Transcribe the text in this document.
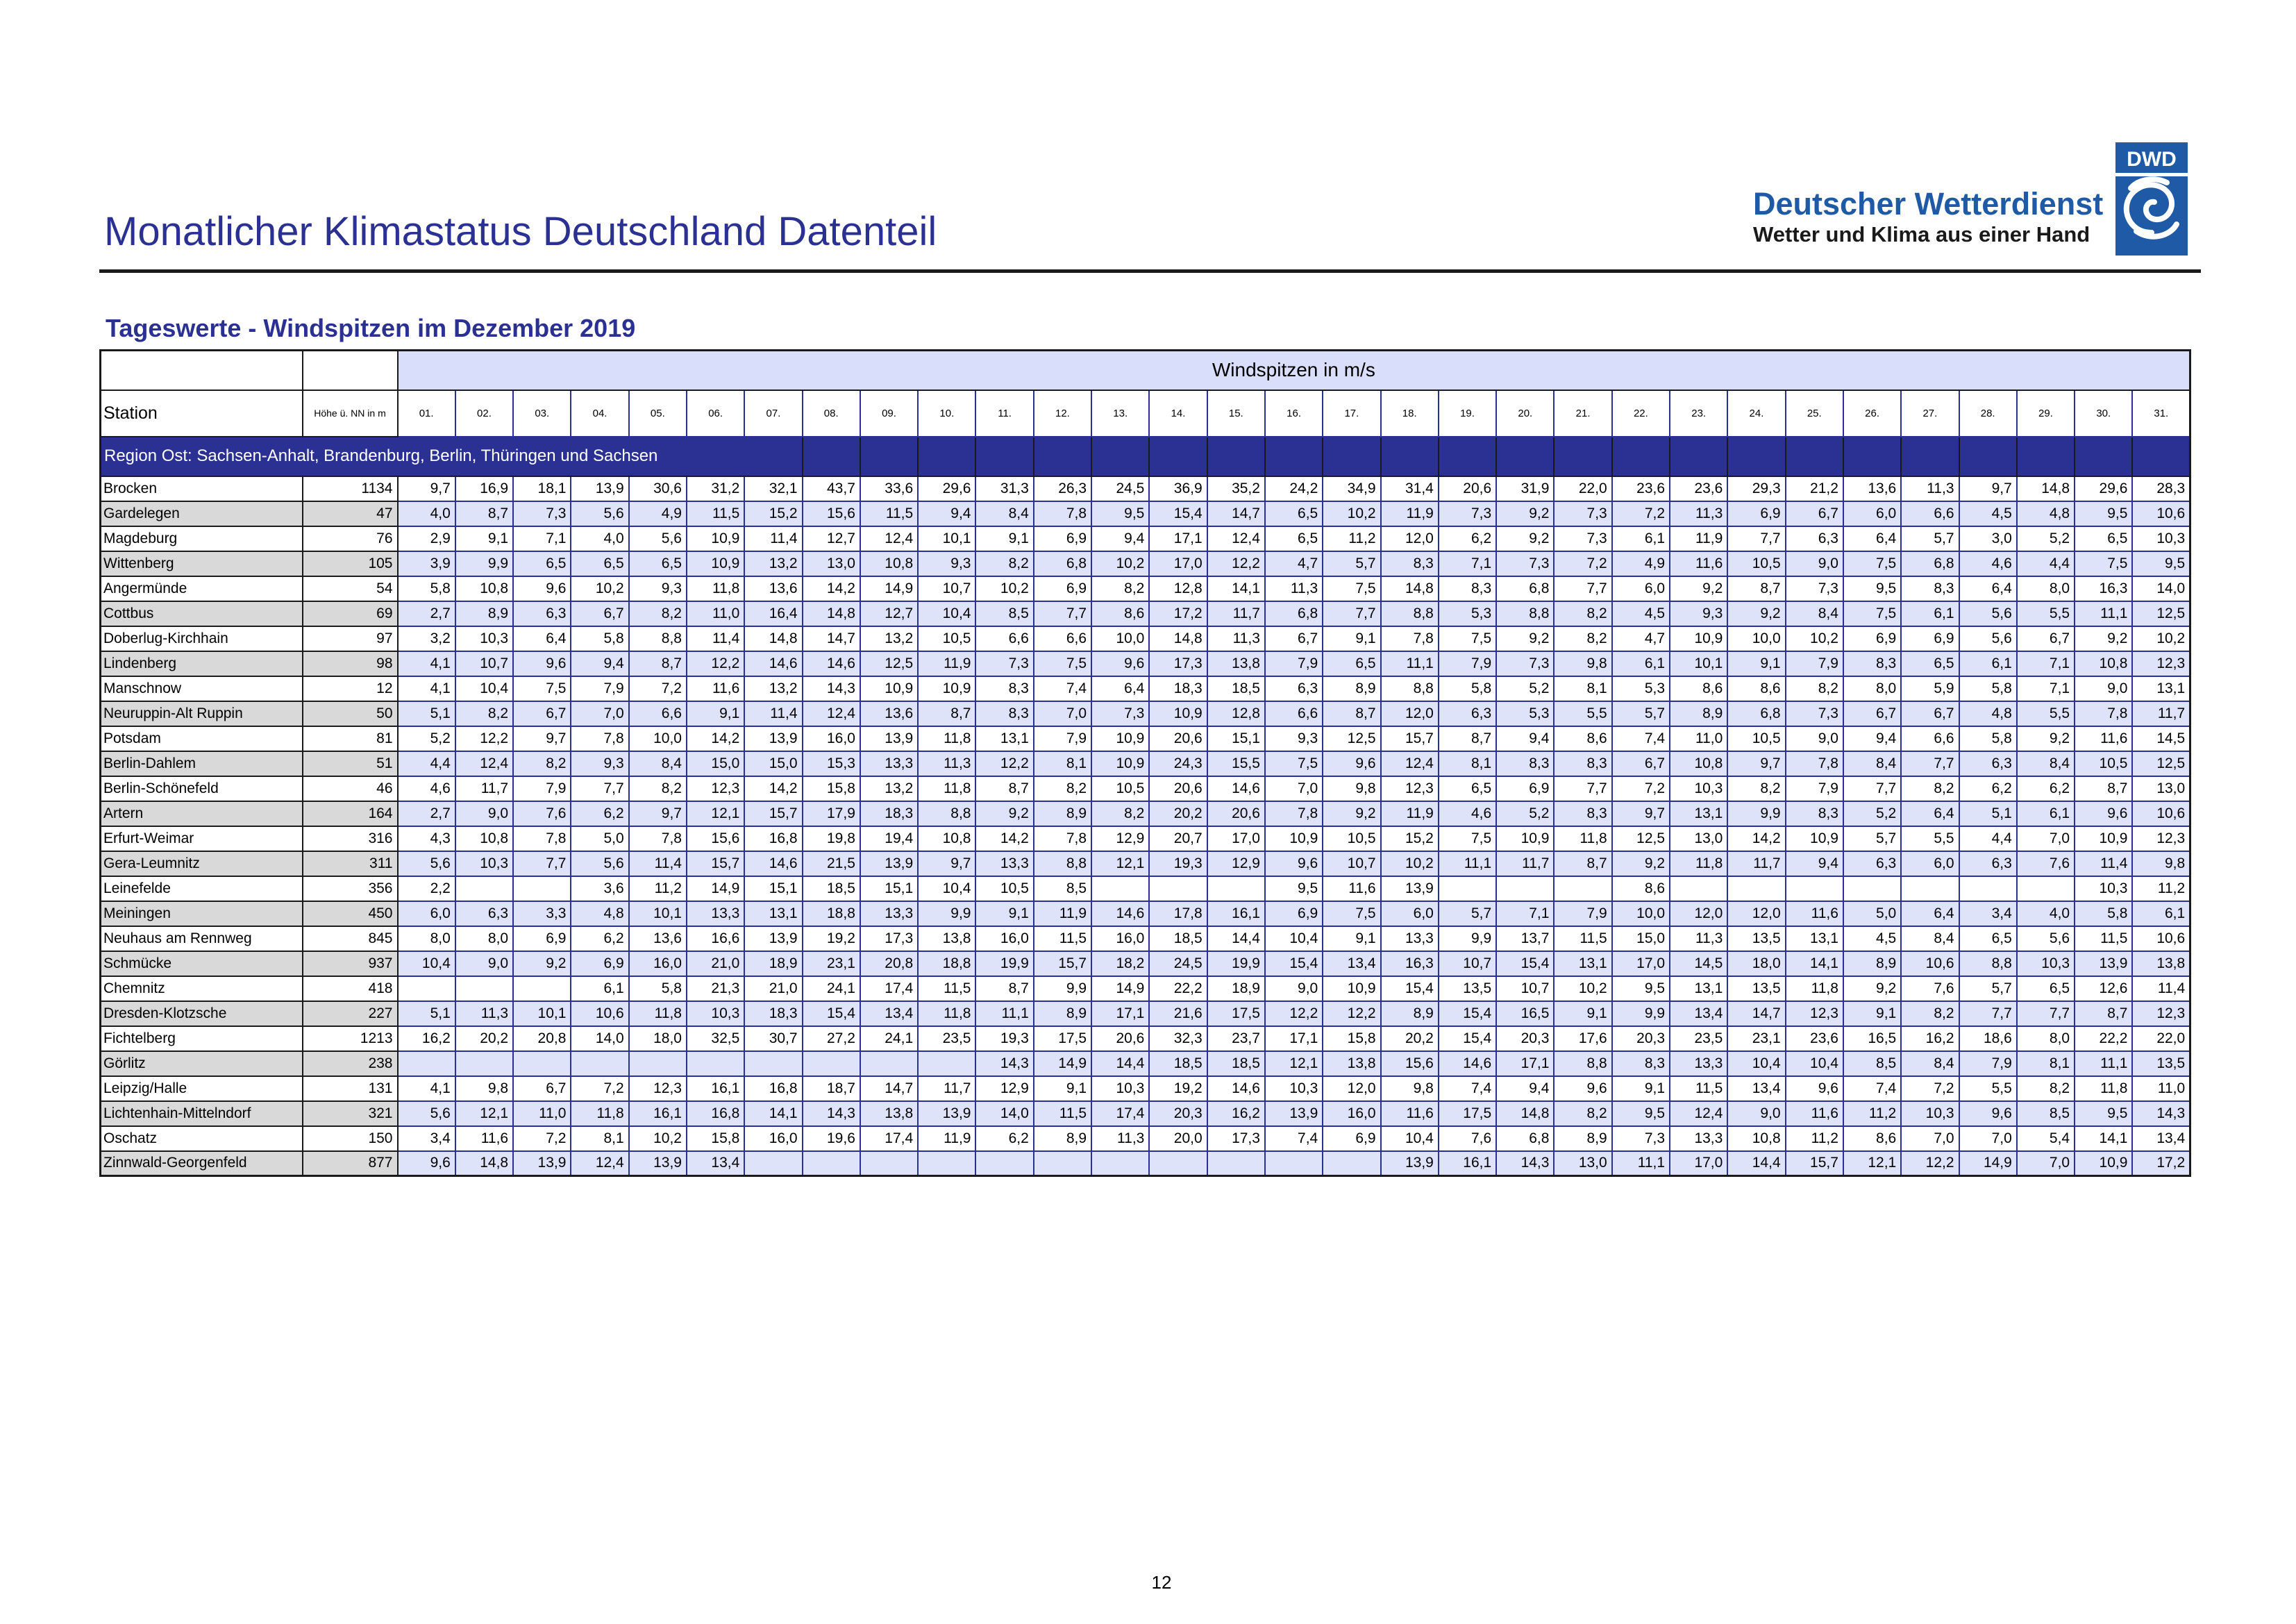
Monatlicher Klimastatus Deutschland Datenteil
Deutscher Wetterdienst
Wetter und Klima aus einer Hand
DWD
Tageswerte - Windspitzen im Dezember 2019
		Windspitzen in m/s																														
Station	Höhe ü. NN in m	01.	02.	03.	04.	05.	06.	07.	08.	09.	10.	11.	12.	13.	14.	15.	16.	17.	18.	19.	20.	21.	22.	23.	24.	25.	26.	27.	28.	29.	30.	31.
Region Ost: Sachsen-Anhalt, Brandenburg, Berlin, Thüringen und Sachsen																																
Brocken	1134	9,7	16,9	18,1	13,9	30,6	31,2	32,1	43,7	33,6	29,6	31,3	26,3	24,5	36,9	35,2	24,2	34,9	31,4	20,6	31,9	22,0	23,6	23,6	29,3	21,2	13,6	11,3	9,7	14,8	29,6	28,3
Gardelegen	47	4,0	8,7	7,3	5,6	4,9	11,5	15,2	15,6	11,5	9,4	8,4	7,8	9,5	15,4	14,7	6,5	10,2	11,9	7,3	9,2	7,3	7,2	11,3	6,9	6,7	6,0	6,6	4,5	4,8	9,5	10,6
Magdeburg	76	2,9	9,1	7,1	4,0	5,6	10,9	11,4	12,7	12,4	10,1	9,1	6,9	9,4	17,1	12,4	6,5	11,2	12,0	6,2	9,2	7,3	6,1	11,9	7,7	6,3	6,4	5,7	3,0	5,2	6,5	10,3
Wittenberg	105	3,9	9,9	6,5	6,5	6,5	10,9	13,2	13,0	10,8	9,3	8,2	6,8	10,2	17,0	12,2	4,7	5,7	8,3	7,1	7,3	7,2	4,9	11,6	10,5	9,0	7,5	6,8	4,6	4,4	7,5	9,5
Angermünde	54	5,8	10,8	9,6	10,2	9,3	11,8	13,6	14,2	14,9	10,7	10,2	6,9	8,2	12,8	14,1	11,3	7,5	14,8	8,3	6,8	7,7	6,0	9,2	8,7	7,3	9,5	8,3	6,4	8,0	16,3	14,0
Cottbus	69	2,7	8,9	6,3	6,7	8,2	11,0	16,4	14,8	12,7	10,4	8,5	7,7	8,6	17,2	11,7	6,8	7,7	8,8	5,3	8,8	8,2	4,5	9,3	9,2	8,4	7,5	6,1	5,6	5,5	11,1	12,5
Doberlug-Kirchhain	97	3,2	10,3	6,4	5,8	8,8	11,4	14,8	14,7	13,2	10,5	6,6	6,6	10,0	14,8	11,3	6,7	9,1	7,8	7,5	9,2	8,2	4,7	10,9	10,0	10,2	6,9	6,9	5,6	6,7	9,2	10,2
Lindenberg	98	4,1	10,7	9,6	9,4	8,7	12,2	14,6	14,6	12,5	11,9	7,3	7,5	9,6	17,3	13,8	7,9	6,5	11,1	7,9	7,3	9,8	6,1	10,1	9,1	7,9	8,3	6,5	6,1	7,1	10,8	12,3
Manschnow	12	4,1	10,4	7,5	7,9	7,2	11,6	13,2	14,3	10,9	10,9	8,3	7,4	6,4	18,3	18,5	6,3	8,9	8,8	5,8	5,2	8,1	5,3	8,6	8,6	8,2	8,0	5,9	5,8	7,1	9,0	13,1
Neuruppin-Alt Ruppin	50	5,1	8,2	6,7	7,0	6,6	9,1	11,4	12,4	13,6	8,7	8,3	7,0	7,3	10,9	12,8	6,6	8,7	12,0	6,3	5,3	5,5	5,7	8,9	6,8	7,3	6,7	6,7	4,8	5,5	7,8	11,7
Potsdam	81	5,2	12,2	9,7	7,8	10,0	14,2	13,9	16,0	13,9	11,8	13,1	7,9	10,9	20,6	15,1	9,3	12,5	15,7	8,7	9,4	8,6	7,4	11,0	10,5	9,0	9,4	6,6	5,8	9,2	11,6	14,5
Berlin-Dahlem	51	4,4	12,4	8,2	9,3	8,4	15,0	15,0	15,3	13,3	11,3	12,2	8,1	10,9	24,3	15,5	7,5	9,6	12,4	8,1	8,3	8,3	6,7	10,8	9,7	7,8	8,4	7,7	6,3	8,4	10,5	12,5
Berlin-Schönefeld	46	4,6	11,7	7,9	7,7	8,2	12,3	14,2	15,8	13,2	11,8	8,7	8,2	10,5	20,6	14,6	7,0	9,8	12,3	6,5	6,9	7,7	7,2	10,3	8,2	7,9	7,7	8,2	6,2	6,2	8,7	13,0
Artern	164	2,7	9,0	7,6	6,2	9,7	12,1	15,7	17,9	18,3	8,8	9,2	8,9	8,2	20,2	20,6	7,8	9,2	11,9	4,6	5,2	8,3	9,7	13,1	9,9	8,3	5,2	6,4	5,1	6,1	9,6	10,6
Erfurt-Weimar	316	4,3	10,8	7,8	5,0	7,8	15,6	16,8	19,8	19,4	10,8	14,2	7,8	12,9	20,7	17,0	10,9	10,5	15,2	7,5	10,9	11,8	12,5	13,0	14,2	10,9	5,7	5,5	4,4	7,0	10,9	12,3
Gera-Leumnitz	311	5,6	10,3	7,7	5,6	11,4	15,7	14,6	21,5	13,9	9,7	13,3	8,8	12,1	19,3	12,9	9,6	10,7	10,2	11,1	11,7	8,7	9,2	11,8	11,7	9,4	6,3	6,0	6,3	7,6	11,4	9,8
Leinefelde	356	2,2			3,6	11,2	14,9	15,1	18,5	15,1	10,4	10,5	8,5				9,5	11,6	13,9				8,6								10,3	11,2
Meiningen	450	6,0	6,3	3,3	4,8	10,1	13,3	13,1	18,8	13,3	9,9	9,1	11,9	14,6	17,8	16,1	6,9	7,5	6,0	5,7	7,1	7,9	10,0	12,0	12,0	11,6	5,0	6,4	3,4	4,0	5,8	6,1
Neuhaus am Rennweg	845	8,0	8,0	6,9	6,2	13,6	16,6	13,9	19,2	17,3	13,8	16,0	11,5	16,0	18,5	14,4	10,4	9,1	13,3	9,9	13,7	11,5	15,0	11,3	13,5	13,1	4,5	8,4	6,5	5,6	11,5	10,6
Schmücke	937	10,4	9,0	9,2	6,9	16,0	21,0	18,9	23,1	20,8	18,8	19,9	15,7	18,2	24,5	19,9	15,4	13,4	16,3	10,7	15,4	13,1	17,0	14,5	18,0	14,1	8,9	10,6	8,8	10,3	13,9	13,8
Chemnitz	418				6,1	5,8	21,3	21,0	24,1	17,4	11,5	8,7	9,9	14,9	22,2	18,9	9,0	10,9	15,4	13,5	10,7	10,2	9,5	13,1	13,5	11,8	9,2	7,6	5,7	6,5	12,6	11,4
Dresden-Klotzsche	227	5,1	11,3	10,1	10,6	11,8	10,3	18,3	15,4	13,4	11,8	11,1	8,9	17,1	21,6	17,5	12,2	12,2	8,9	15,4	16,5	9,1	9,9	13,4	14,7	12,3	9,1	8,2	7,7	7,7	8,7	12,3
Fichtelberg	1213	16,2	20,2	20,8	14,0	18,0	32,5	30,7	27,2	24,1	23,5	19,3	17,5	20,6	32,3	23,7	17,1	15,8	20,2	15,4	20,3	17,6	20,3	23,5	23,1	23,6	16,5	16,2	18,6	8,0	22,2	22,0
Görlitz	238											14,3	14,9	14,4	18,5	18,5	12,1	13,8	15,6	14,6	17,1	8,8	8,3	13,3	10,4	10,4	8,5	8,4	7,9	8,1	11,1	13,5
Leipzig/Halle	131	4,1	9,8	6,7	7,2	12,3	16,1	16,8	18,7	14,7	11,7	12,9	9,1	10,3	19,2	14,6	10,3	12,0	9,8	7,4	9,4	9,6	9,1	11,5	13,4	9,6	7,4	7,2	5,5	8,2	11,8	11,0
Lichtenhain-Mittelndorf	321	5,6	12,1	11,0	11,8	16,1	16,8	14,1	14,3	13,8	13,9	14,0	11,5	17,4	20,3	16,2	13,9	16,0	11,6	17,5	14,8	8,2	9,5	12,4	9,0	11,6	11,2	10,3	9,6	8,5	9,5	14,3
Oschatz	150	3,4	11,6	7,2	8,1	10,2	15,8	16,0	19,6	17,4	11,9	6,2	8,9	11,3	20,0	17,3	7,4	6,9	10,4	7,6	6,8	8,9	7,3	13,3	10,8	11,2	8,6	7,0	7,0	5,4	14,1	13,4
Zinnwald-Georgenfeld	877	9,6	14,8	13,9	12,4	13,9	13,4												13,9	16,1	14,3	13,0	11,1	17,0	14,4	15,7	12,1	12,2	14,9	7,0	10,9	17,2
12
